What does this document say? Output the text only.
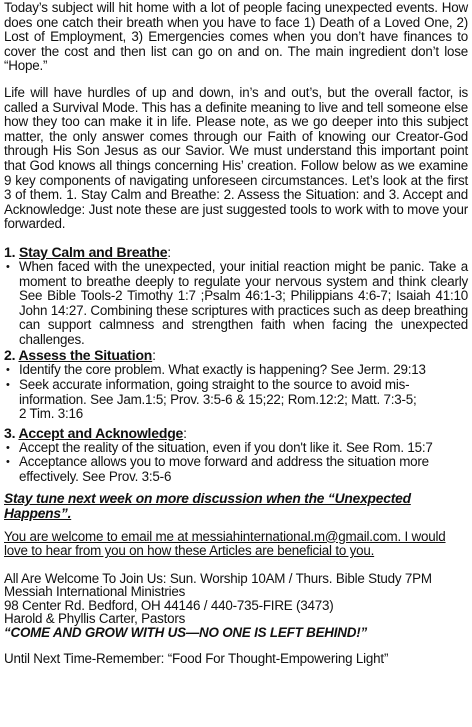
Today’s subject will hit home with a lot of people facing unexpected events. How does one catch their breath when you have to face 1) Death of a Loved One, 2) Lost of Employment, 3) Emergencies comes when you don’t have finances to cover the cost and then list can go on and on. The main ingredient don’t lose “Hope.”

Life will have hurdles of up and down, in’s and out’s, but the overall factor, is called a Survival Mode. This has a definite meaning to live and tell someone else how they too can make it in life. Please note, as we go deeper into this subject matter, the only answer comes through our Faith of knowing our Creator-God through His Son Jesus as our Savior. We must understand this important point that God knows all things concerning His’ creation. Follow below as we examine 9 key components of navigating unforeseen circumstances. Let’s look at the first 3 of them. 1. Stay Calm and Breathe: 2. Assess the Situation: and 3. Accept and Acknowledge: Just note these are just suggested tools to work with to move your forwarded.

1. Stay Calm and Breathe:

• When faced with the unexpected, your initial reaction might be panic. Take a moment to breathe deeply to regulate your nervous system and think clearly See Bible Tools-2 Timothy 1:7 ;Psalm 46:1-3; Philippians 4:6-7; Isaiah 41:10 John 14:27. Combining these scriptures with practices such as deep breathing can support calmness and strengthen faith when facing the unexpected challenges.

2. Assess the Situation:

• Identify the core problem. What exactly is happening? See Jerm. 29:13
• Seek accurate information, going straight to the source to avoid mis-information. See Jam.1:5; Prov. 3:5-6 & 15;22; Rom.12:2; Matt. 7:3-5;
2 Tim. 3:16

3. Accept and Acknowledge:

• Accept the reality of the situation, even if you don't like it. See Rom. 15:7
• Acceptance allows you to move forward and address the situation more effectively. See Prov. 3:5-6

Stay tune next week on more discussion when the “Unexpected Happens”.

You are welcome to email me at messiahinternational.m@gmail.com. I would love to hear from you on how these Articles are beneficial to you.

All Are Welcome To Join Us: Sun. Worship 10AM / Thurs. Bible Study 7PM

Messiah International Ministries

98 Center Rd. Bedford, OH 44146 / 440-735-FIRE (3473)

Harold & Phyllis Carter, Pastors

“COME AND GROW WITH US—NO ONE IS LEFT BEHIND!”

Until Next Time-Remember: “Food For Thought-Empowering Light”
